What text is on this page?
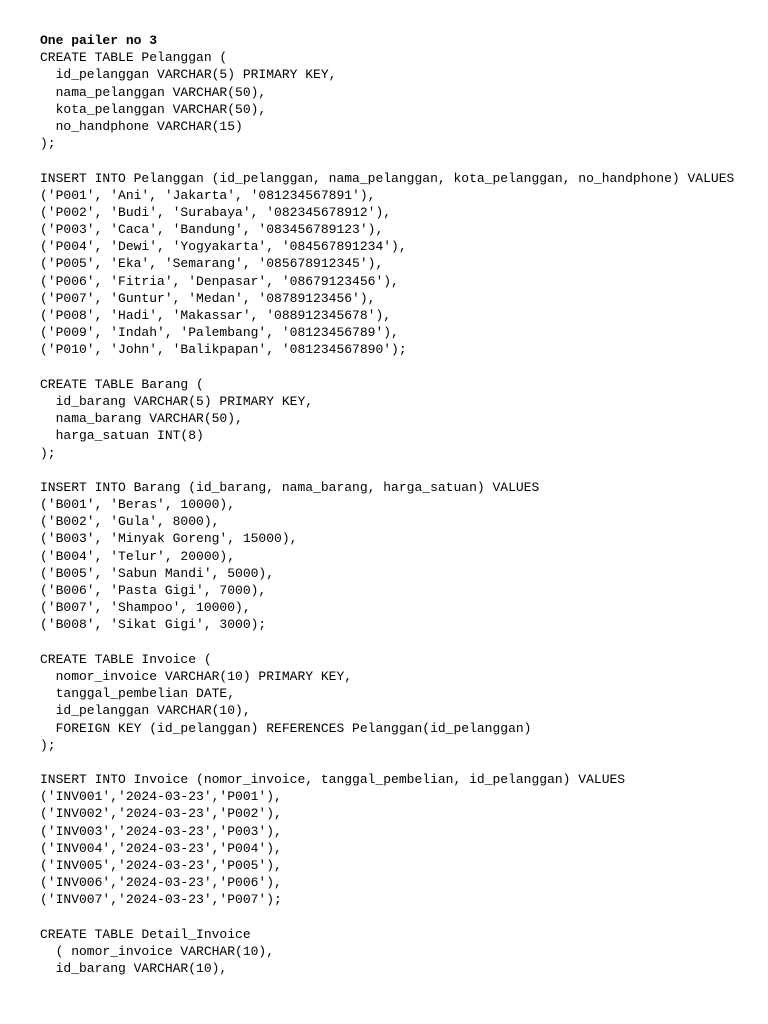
One pailer no 3
CREATE TABLE Pelanggan (
id_pelanggan VARCHAR(5) PRIMARY KEY,
nama_pelanggan VARCHAR(50),
kota_pelanggan VARCHAR(50),
no_handphone VARCHAR(15)
);
INSERT INTO Pelanggan (id_pelanggan, nama_pelanggan, kota_pelanggan, no_handphone) VALUES
('P001', 'Ani', 'Jakarta', '081234567891'),
('P002', 'Budi', 'Surabaya', '082345678912'),
('P003', 'Caca', 'Bandung', '083456789123'),
('P004', 'Dewi', 'Yogyakarta', '084567891234'),
('P005', 'Eka', 'Semarang', '085678912345'),
('P006', 'Fitria', 'Denpasar', '08679123456'),
('P007', 'Guntur', 'Medan', '08789123456'),
('P008', 'Hadi', 'Makassar', '088912345678'),
('P009', 'Indah', 'Palembang', '08123456789'),
('P010', 'John', 'Balikpapan', '081234567890');
CREATE TABLE Barang (
id_barang VARCHAR(5) PRIMARY KEY,
nama_barang VARCHAR(50),
harga_satuan INT(8)
);
INSERT INTO Barang (id_barang, nama_barang, harga_satuan) VALUES
('B001', 'Beras', 10000),
('B002', 'Gula', 8000),
('B003', 'Minyak Goreng', 15000),
('B004', 'Telur', 20000),
('B005', 'Sabun Mandi', 5000),
('B006', 'Pasta Gigi', 7000),
('B007', 'Shampoo', 10000),
('B008', 'Sikat Gigi', 3000);
CREATE TABLE Invoice (
nomor_invoice VARCHAR(10) PRIMARY KEY,
tanggal_pembelian DATE,
id_pelanggan VARCHAR(10),
FOREIGN KEY (id_pelanggan) REFERENCES Pelanggan(id_pelanggan)
);
INSERT INTO Invoice (nomor_invoice, tanggal_pembelian, id_pelanggan) VALUES
('INV001','2024-03-23','P001'),
('INV002','2024-03-23','P002'),
('INV003','2024-03-23','P003'),
('INV004','2024-03-23','P004'),
('INV005','2024-03-23','P005'),
('INV006','2024-03-23','P006'),
('INV007','2024-03-23','P007');
CREATE TABLE Detail_Invoice
( nomor_invoice VARCHAR(10),
id_barang VARCHAR(10),
